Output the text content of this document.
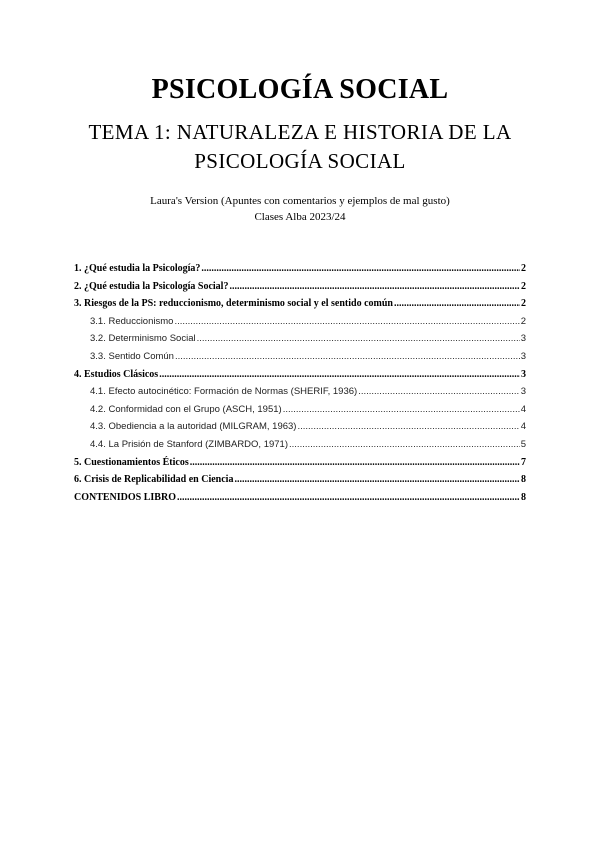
PSICOLOGÍA SOCIAL
TEMA 1: NATURALEZA E HISTORIA DE LA PSICOLOGÍA SOCIAL
Laura's Version (Apuntes con comentarios y ejemplos de mal gusto)
Clases Alba 2023/24
1. ¿Qué estudia la Psicología? .....	2
2. ¿Qué estudia la Psicología Social? .....	2
3. Riesgos de la PS: reduccionismo, determinismo social y el sentido común .....	2
3.1. Reduccionismo .....	2
3.2. Determinismo Social .....	3
3.3. Sentido Común .....	3
4. Estudios Clásicos .....	3
4.1. Efecto autocinético: Formación de Normas (SHERIF, 1936) .....	3
4.2. Conformidad con el Grupo (ASCH, 1951) .....	4
4.3. Obediencia a la autoridad (MILGRAM, 1963) .....	4
4.4. La Prisión de Stanford (ZIMBARDO, 1971) .....	5
5. Cuestionamientos Éticos .....	7
6. Crisis de Replicabilidad en Ciencia .....	8
CONTENIDOS LIBRO .....	8
